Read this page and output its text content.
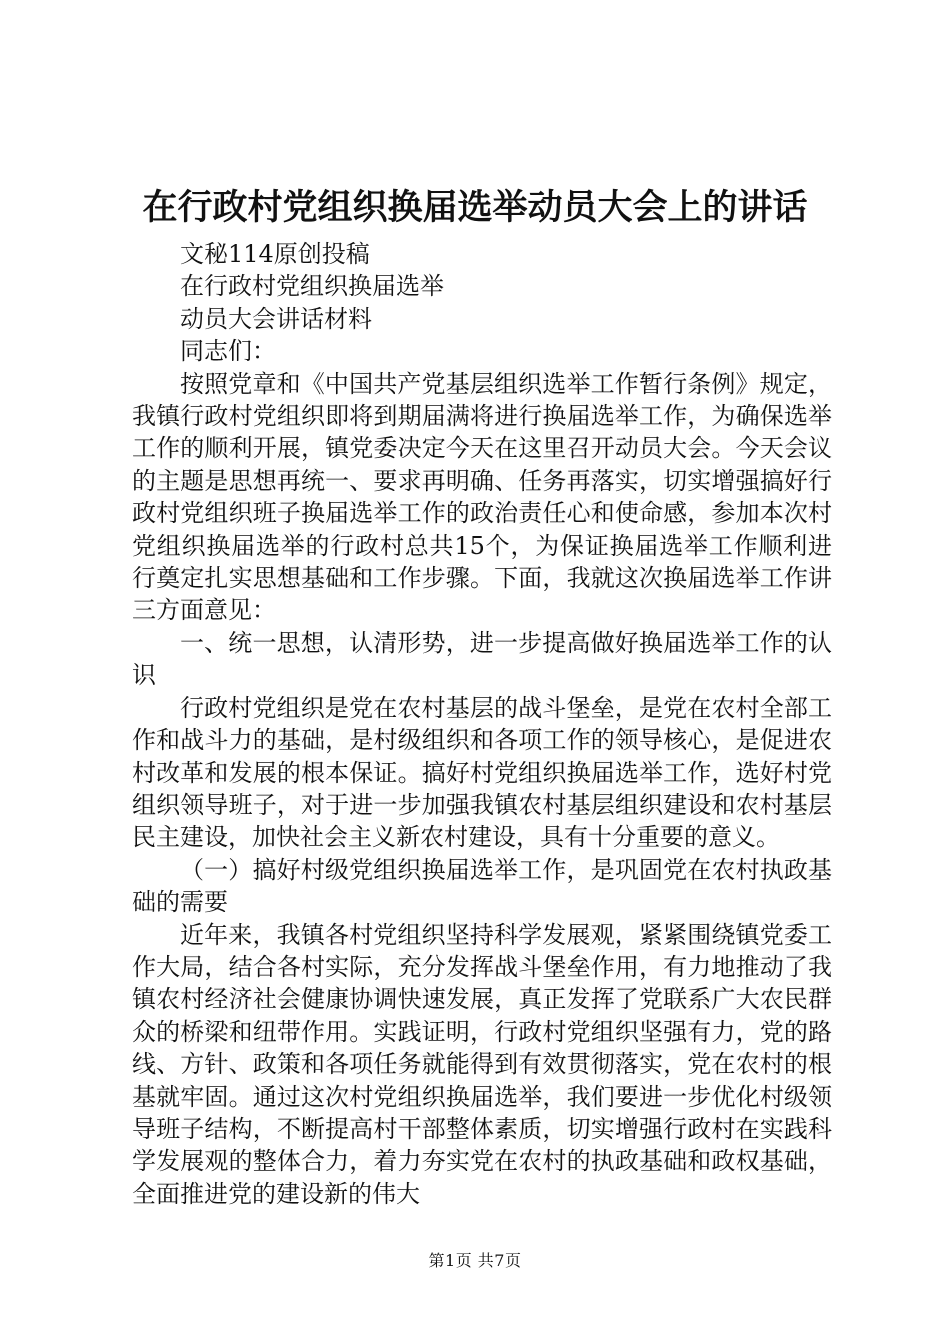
在行政村党组织换届选举动员大会上的讲话

文秘114原创投稿

在行政村党组织换届选举

动员大会讲话材料

同志们：

按照党章和《中国共产党基层组织选举工作暂行条例》规定，我镇行政村党组织即将到期届满将进行换届选举工作，为确保选举工作的顺利开展，镇党委决定今天在这里召开动员大会。今天会议的主题是思想再统一、要求再明确、任务再落实，切实增强搞好行政村党组织班子换届选举工作的政治责任心和使命感，参加本次村党组织换届选举的行政村总共15个，为保证换届选举工作顺利进行奠定扎实思想基础和工作步骤。下面，我就这次换届选举工作讲三方面意见：

一、统一思想，认清形势，进一步提高做好换届选举工作的认识

行政村党组织是党在农村基层的战斗堡垒，是党在农村全部工作和战斗力的基础，是村级组织和各项工作的领导核心，是促进农村改革和发展的根本保证。搞好村党组织换届选举工作，选好村党组织领导班子，对于进一步加强我镇农村基层组织建设和农村基层民主建设，加快社会主义新农村建设，具有十分重要的意义。

（一）搞好村级党组织换届选举工作，是巩固党在农村执政基础的需要

近年来，我镇各村党组织坚持科学发展观，紧紧围绕镇党委工作大局，结合各村实际，充分发挥战斗堡垒作用，有力地推动了我镇农村经济社会健康协调快速发展，真正发挥了党联系广大农民群众的桥梁和纽带作用。实践证明，行政村党组织坚强有力，党的路线、方针、政策和各项任务就能得到有效贯彻落实，党在农村的根基就牢固。通过这次村党组织换届选举，我们要进一步优化村级领导班子结构，不断提高村干部整体素质，切实增强行政村在实践科学发展观的整体合力，着力夯实党在农村的执政基础和政权基础，全面推进党的建设新的伟大

第1页 共7页
